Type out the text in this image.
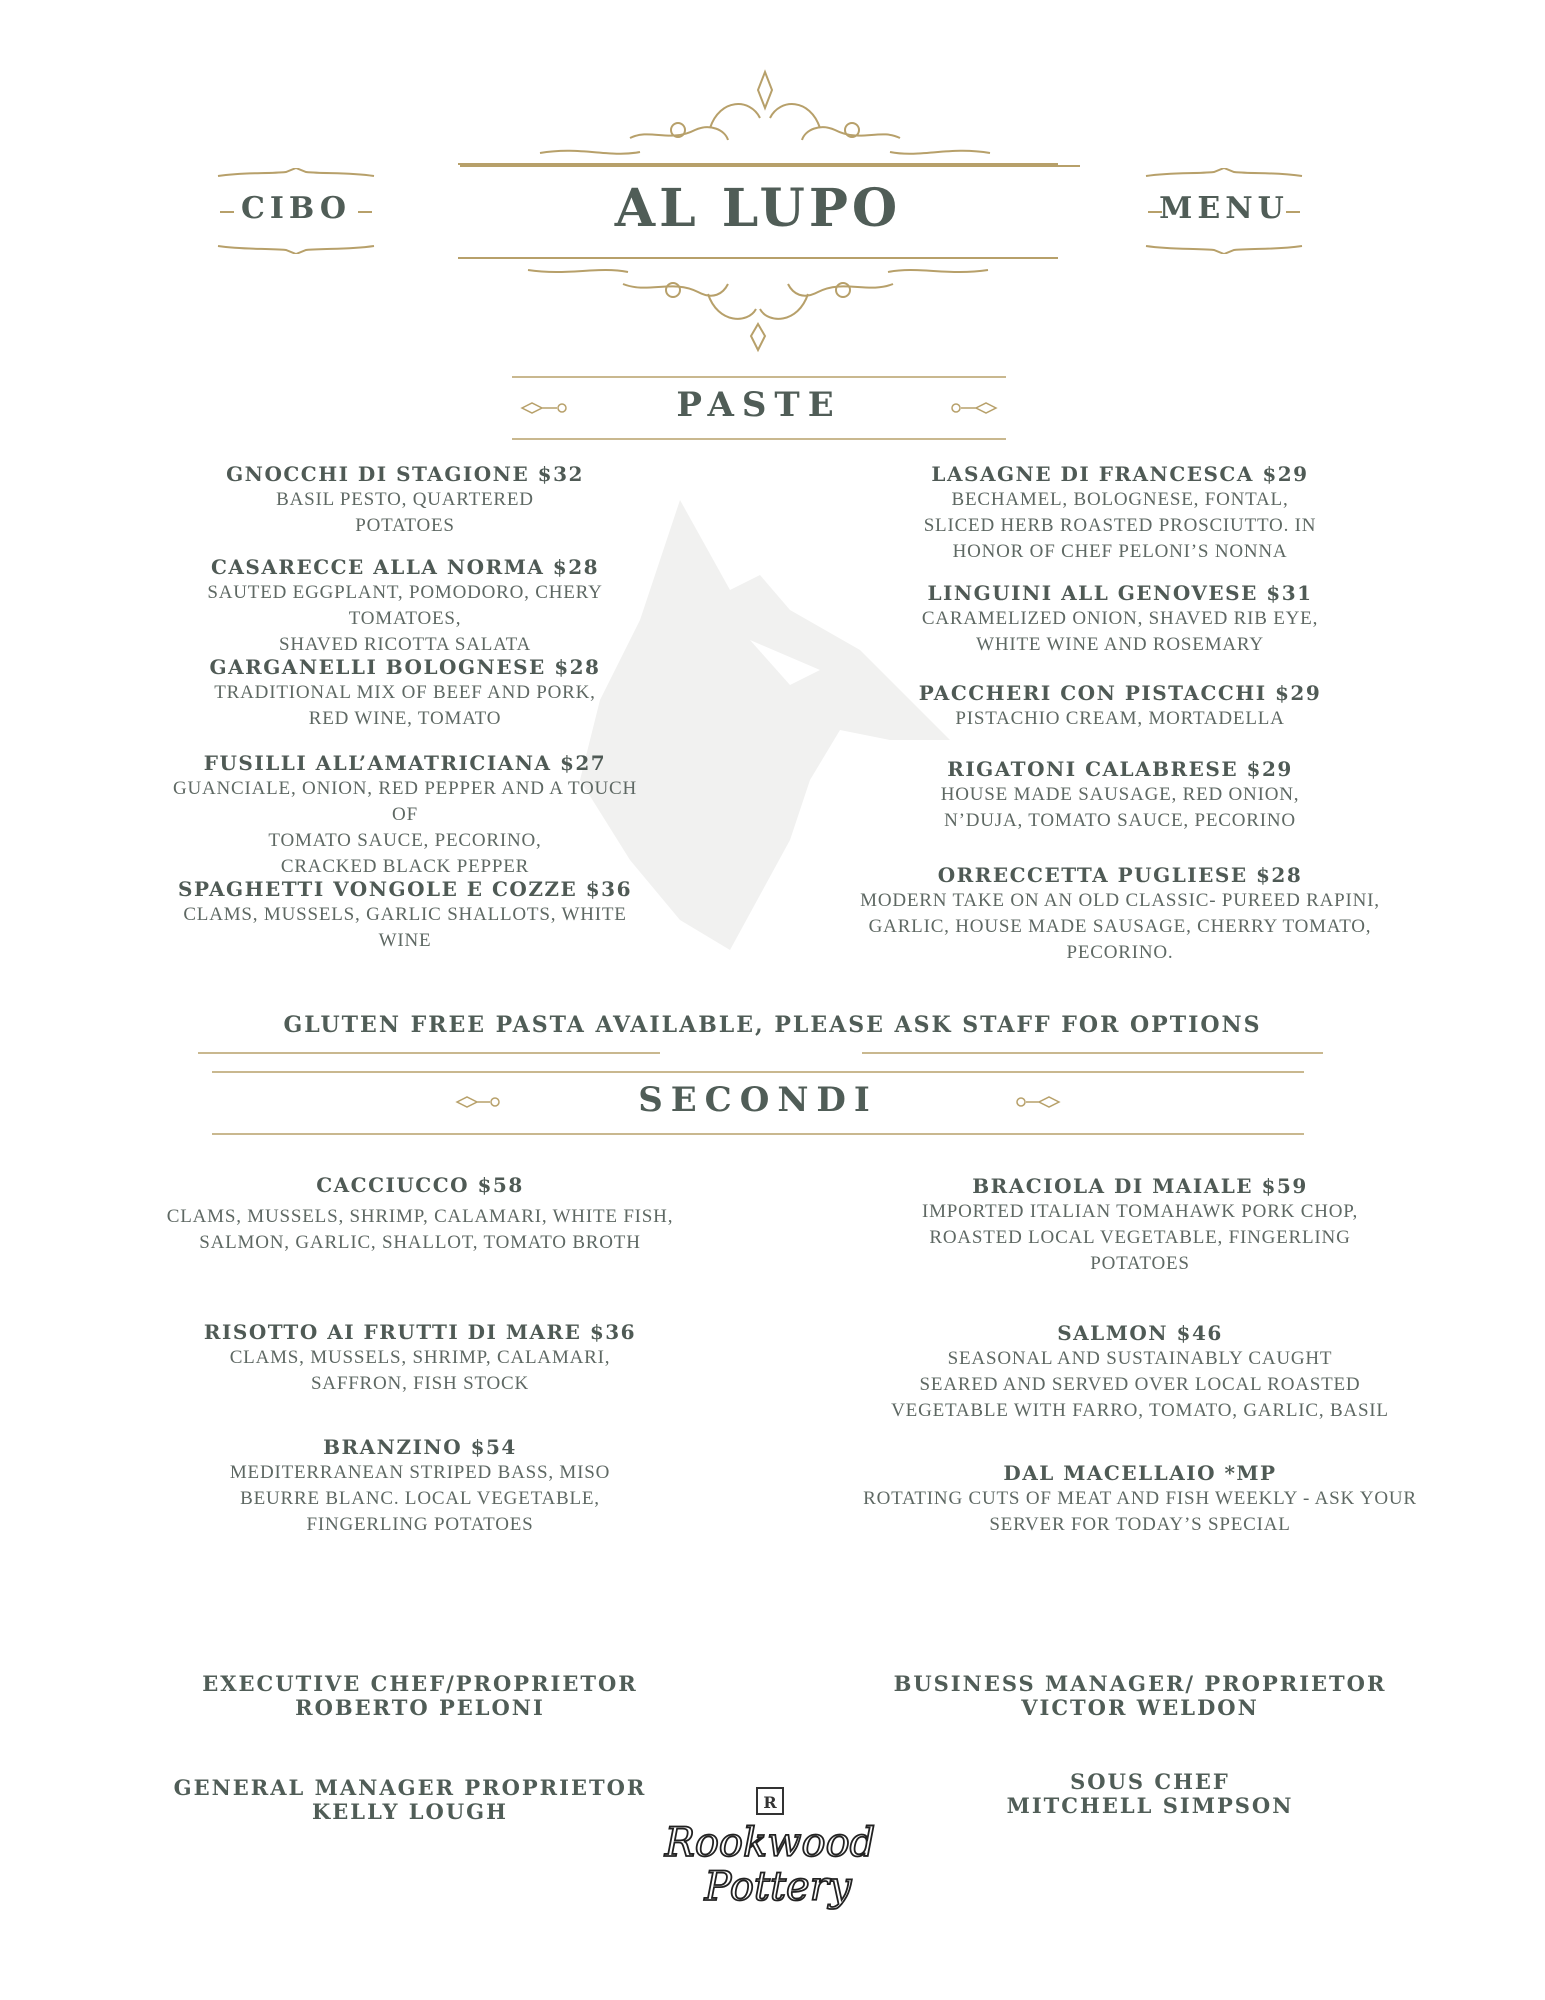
CIBO	AL LUPO	MENU
PASTE
GNOCCHI DI STAGIONE $32
BASIL PESTO, QUARTERED
POTATOES
CASARECCE ALLA NORMA $28
SAUTED EGGPLANT, POMODORO, CHERY TOMATOES,
SHAVED RICOTTA SALATA
GARGANELLI BOLOGNESE $28
TRADITIONAL MIX OF BEEF AND PORK,
RED WINE, TOMATO
FUSILLI ALL’AMATRICIANA $27
GUANCIALE, ONION, RED PEPPER AND A TOUCH OF
TOMATO SAUCE, PECORINO,
CRACKED BLACK PEPPER
SPAGHETTI VONGOLE E COZZE $36
CLAMS, MUSSELS, GARLIC SHALLOTS, WHITE WINE
LASAGNE DI FRANCESCA $29
BECHAMEL, BOLOGNESE, FONTAL,
SLICED HERB ROASTED PROSCIUTTO. IN
HONOR OF CHEF PELONI’S NONNA
LINGUINI ALL GENOVESE $31
CARAMELIZED ONION, SHAVED RIB EYE,
WHITE WINE AND ROSEMARY
PACCHERI CON PISTACCHI $29
PISTACHIO CREAM, MORTADELLA
RIGATONI CALABRESE $29
HOUSE MADE SAUSAGE, RED ONION,
N’DUJA, TOMATO SAUCE, PECORINO
ORRECCETTA PUGLIESE $28
MODERN TAKE ON AN OLD CLASSIC- PUREED RAPINI,
GARLIC, HOUSE MADE SAUSAGE, CHERRY TOMATO, PECORINO.
GLUTEN FREE PASTA AVAILABLE, PLEASE ASK STAFF FOR OPTIONS
SECONDI
CACCIUCCO $58
CLAMS, MUSSELS, SHRIMP, CALAMARI, WHITE FISH,
SALMON, GARLIC, SHALLOT, TOMATO BROTH
RISOTTO AI FRUTTI DI MARE $36
CLAMS, MUSSELS, SHRIMP, CALAMARI,
SAFFRON, FISH STOCK
BRANZINO $54
MEDITERRANEAN STRIPED BASS, MISO
BEURRE BLANC. LOCAL VEGETABLE,
FINGERLING POTATOES
BRACIOLA DI MAIALE $59
IMPORTED ITALIAN TOMAHAWK PORK CHOP,
ROASTED LOCAL VEGETABLE, FINGERLING
POTATOES
SALMON $46
SEASONAL AND SUSTAINABLY CAUGHT
SEARED AND SERVED OVER LOCAL ROASTED
VEGETABLE WITH FARRO, TOMATO, GARLIC, BASIL
DAL MACELLAIO *MP
ROTATING CUTS OF MEAT AND FISH WEEKLY - ASK YOUR
SERVER FOR TODAY’S SPECIAL
EXECUTIVE CHEF/PROPRIETOR
ROBERTO PELONI
BUSINESS MANAGER/ PROPRIETOR
VICTOR WELDON
GENERAL MANAGER PROPRIETOR
KELLY LOUGH
SOUS CHEF
MITCHELL SIMPSON
R
Rookwood
Pottery
